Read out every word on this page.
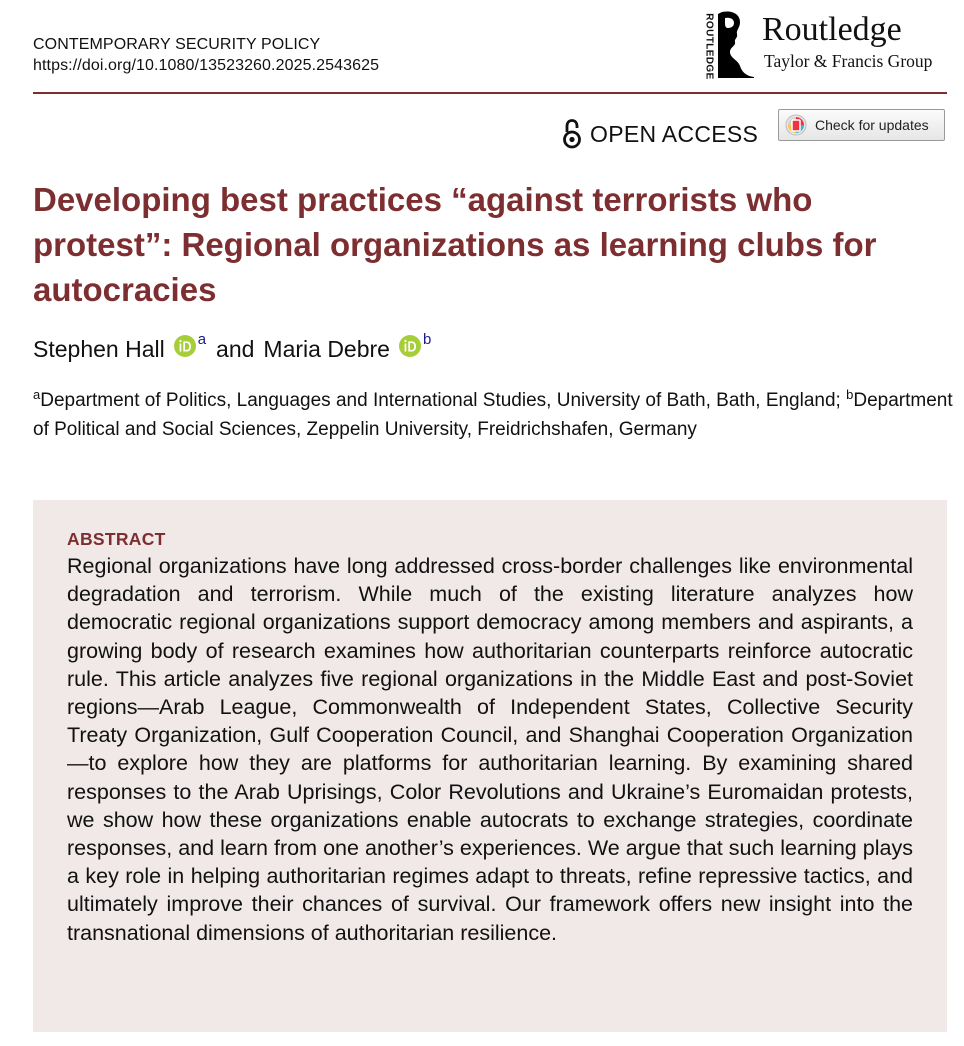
CONTEMPORARY SECURITY POLICY
https://doi.org/10.1080/13523260.2025.2543625	ROUTLEDGE Routledge
Taylor & Francis Group
OPEN ACCESS	Check for updates
Developing best practices “against terrorists who protest”: Regional organizations as learning clubs for autocracies
Stephen Hall a and Maria Debre b
$^a$Department of Politics, Languages and International Studies, University of Bath, Bath, England; $^b$Department of Political and Social Sciences, Zeppelin University, Freidrichshafen, Germany
ABSTRACT

Regional organizations have long addressed cross-border challenges like environmental degradation and terrorism. While much of the existing literature analyzes how democratic regional organizations support democracy among members and aspirants, a growing body of research examines how authoritarian counterparts reinforce autocratic rule. This article analyzes five regional organizations in the Middle East and post-Soviet regions—Arab League, Commonwealth of Independent States, Collective Security Treaty Organization, Gulf Cooperation Council, and Shanghai Cooperation Organization—to explore how they are platforms for authoritarian learning. By examining shared responses to the Arab Uprisings, Color Revolutions and Ukraine’s Euromaidan protests, we show how these organizations enable autocrats to exchange strategies, coordinate responses, and learn from one another’s experiences. We argue that such learning plays a key role in helping authoritarian regimes adapt to threats, refine repressive tactics, and ultimately improve their chances of survival. Our framework offers new insight into the transnational dimensions of authoritarian resilience.
